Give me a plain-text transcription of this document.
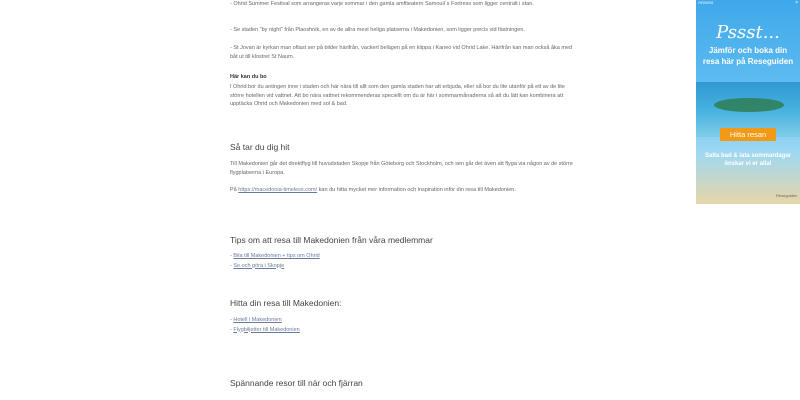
- Ohrid Summer Festival som arrangeras varje sommar i den gamla amfiteatern Samouil´s Fortress som ligger centralt i stan.

- Se staden "by night" från Plaoshnik, en av de allra mest heliga platserna i Makedonien, som ligger precis vid fästningen.

- St Jovan är kyrkan man oftast ser på bilder härifrån, vackert belägen på en klippa i Kaneo vid Ohrid Lake. Härifrån kan man också åka med båt ut till klostret St Naum.

Här kan du bo

I Ohrid bor du antingen inne i staden och här nära till allt som den gamla staden har att erbjuda, eller så bor du lite utanför på ett av de lite större hotellen vid vattnet. Att bo nära vattnet rekommenderas speciellt om du är här i sommarmånaderna så att du lätt kan kombinera att upptäcka Ohrid och Makedonien med sol & bad.

Så tar du dig hit

Till Makedonien går det direktflyg till huvudstaden Skopje från Göteborg och Stockholm, och sen går det även att flyga via någon av de större flygplatserna i Europa.

På https://macedonia-timeless.com/ kan du hitta mycket mer information och inspiration inför din resa till Makedonien.

Tips om att resa till Makedonien från våra medlemmar

- Bila till Makedonien + tips om Ohrid

- Se och göra i Skopje

Hitta din resa till Makedonien:

- Hotell i Makedonien

- Flygbiljetter till Makedonien

Spännande resor till när och fjärran

Annons	×
Pssst...
Jämför och boka din resa här på Reseguiden
Hitta resan
Salta bad & lata sommardagar önskar vi er alla!
Reseguiden
